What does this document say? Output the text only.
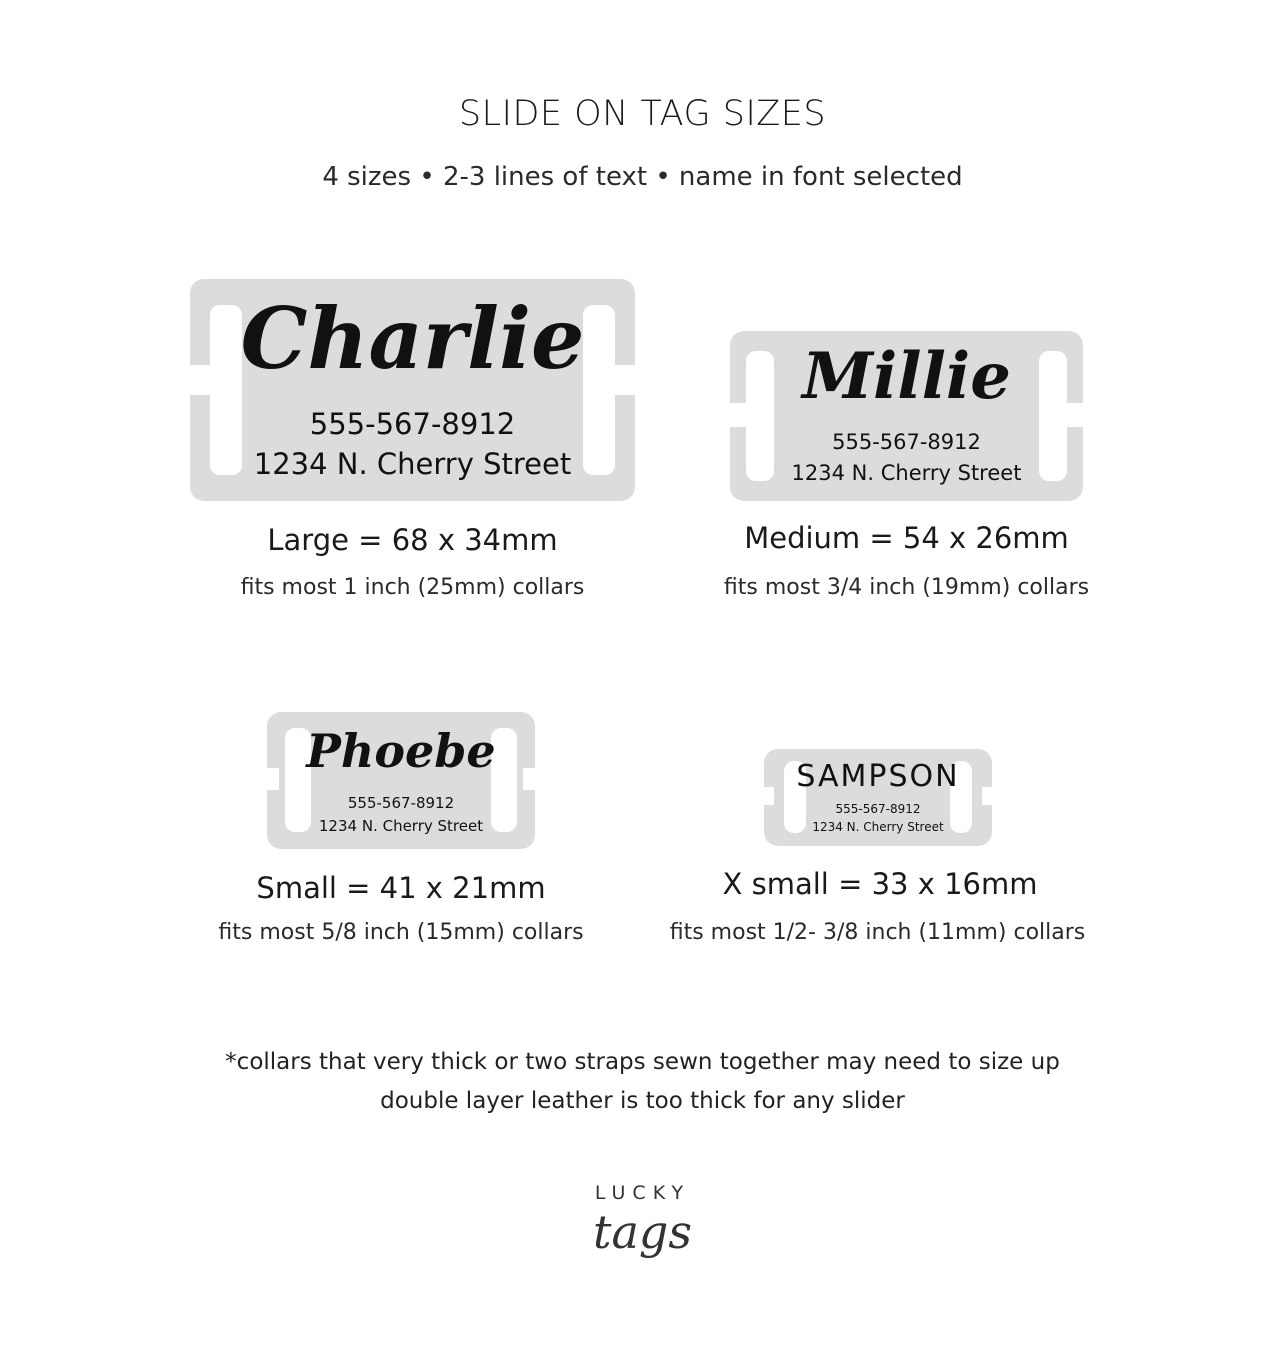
SLIDE ON TAG SIZES
4 sizes • 2-3 lines of text • name in font selected
Charlie
555-567-8912
1234 N. Cherry Street
Large = 68 x 34mm
fits most 1 inch (25mm) collars
Millie
555-567-8912
1234 N. Cherry Street
Medium = 54 x 26mm
fits most 3/4 inch (19mm) collars
Phoebe
555-567-8912
1234 N. Cherry Street
Small = 41 x 21mm
fits most 5/8 inch (15mm) collars
SAMPSON
555-567-8912
1234 N. Cherry Street
X small = 33 x 16mm
fits most 1/2- 3/8 inch (11mm) collars
*collars that very thick or two straps sewn together may need to size up
double layer leather is too thick for any slider
LUCKY
tags
